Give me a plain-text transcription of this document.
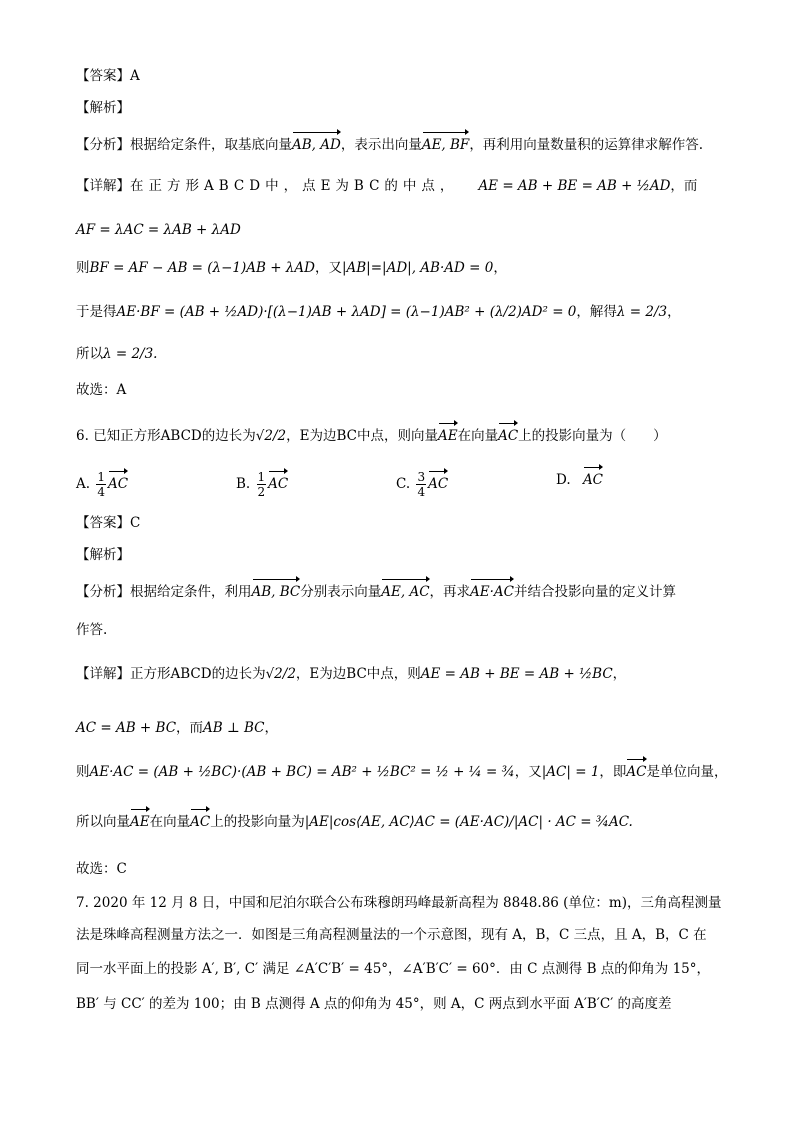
【答案】A
【解析】
【分析】根据给定条件，取基底向量AB, AD，表示出向量AE, BF，再利用向量数量积的运算律求解作答.
【详解】在正方形ABCD中，点E为BC的中点， AE = AB + BE = AB + ½AD，而
AF = λAC = λAB + λAD
则BF = AF − AB = (λ−1)AB + λAD，又|AB|=|AD|, AB·AD = 0，
于是得AE·BF = (AB + ½AD)·[(λ−1)AB + λAD] = (λ−1)AB² + (λ/2)AD² = 0，解得λ = 2/3，
所以λ = 2/3.
故选：A
6. 已知正方形ABCD的边长为√2/2，E为边BC中点，则向量AE在向量AC上的投影向量为（　　）
A. $\frac{1}{4}$ AC	B. $\frac{1}{2}$ AC	C. $\frac{3}{4}$ AC	D. AC
【答案】C
【解析】
【分析】根据给定条件，利用AB, BC分别表示向量AE, AC，再求AE·AC并结合投影向量的定义计算
作答.
【详解】正方形ABCD的边长为√2/2，E为边BC中点，则AE = AB + BE = AB + ½BC，
AC = AB + BC，而AB ⊥ BC，
则AE·AC = (AB + ½BC)·(AB + BC) = AB² + ½BC² = ½ + ¼ = ¾，又|AC| = 1，即AC是单位向量，
所以向量AE在向量AC上的投影向量为|AE|cos⟨AE, AC⟩AC = (AE·AC)/|AC| · AC = ¾AC.
故选：C
7. 2020 年 12 月 8 日，中国和尼泊尔联合公布珠穆朗玛峰最新高程为 8848.86 (单位：m)，三角高程测量
法是珠峰高程测量方法之一．如图是三角高程测量法的一个示意图，现有 A，B，C 三点，且 A，B，C 在
同一水平面上的投影 A′, B′, C′ 满足 ∠A′C′B′ = 45°，∠A′B′C′ = 60°．由 C 点测得 B 点的仰角为 15°，
BB′ 与 CC′ 的差为 100；由 B 点测得 A 点的仰角为 45°，则 A，C 两点到水平面 A′B′C′ 的高度差
